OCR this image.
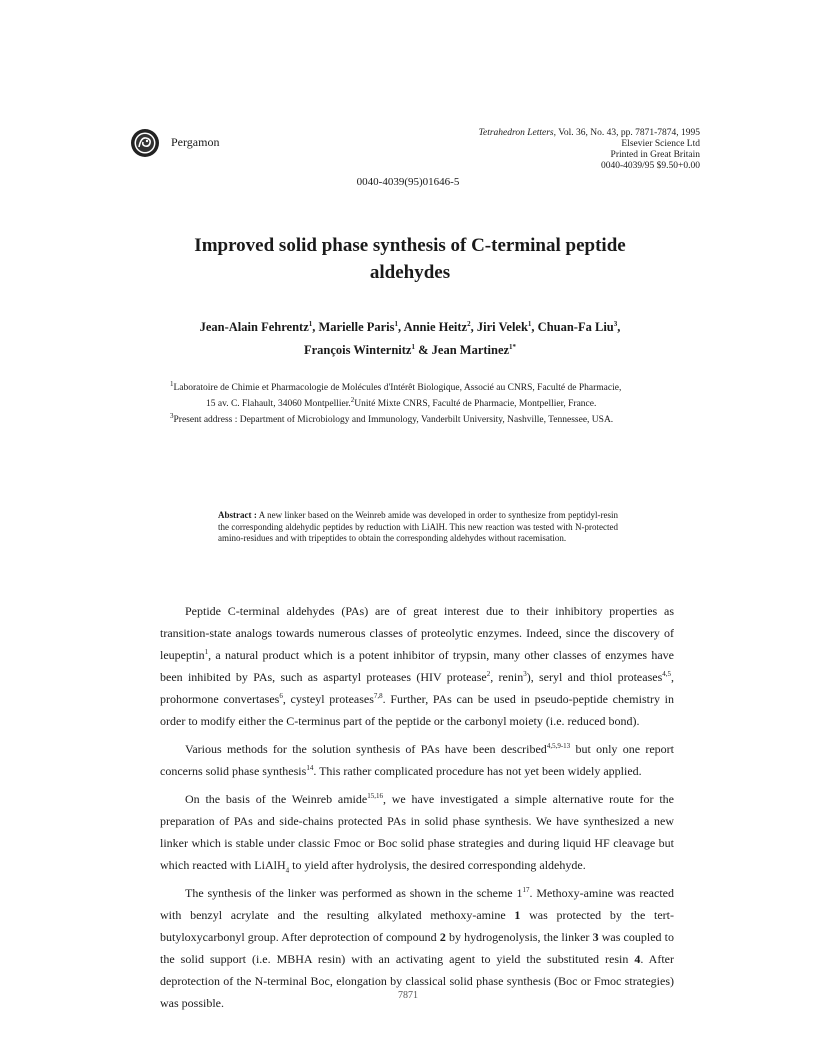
Pergamon
Tetrahedron Letters, Vol. 36, No. 43, pp. 7871-7874, 1995
Elsevier Science Ltd
Printed in Great Britain
0040-4039/95 $9.50+0.00
0040-4039(95)01646-5
Improved solid phase synthesis of C-terminal peptide
aldehydes
Jean-Alain Fehrentz$^1$, Marielle Paris$^1$, Annie Heitz$^2$, Jiri Velek$^1$, Chuan-Fa Liu$^3$,
François Winternitz$^1$ & Jean Martinez$^{1*}$
$^1$Laboratoire de Chimie et Pharmacologie de Molécules d'Intérêt Biologique, Associé au CNRS, Faculté de Pharmacie,
15 av. C. Flahault, 34060 Montpellier.$^2$Unité Mixte CNRS, Faculté de Pharmacie, Montpellier, France.
$^3$Present address : Department of Microbiology and Immunology, Vanderbilt University, Nashville, Tennessee, USA.
Abstract : A new linker based on the Weinreb amide was developed in order to synthesize from peptidyl-resin the corresponding aldehydic peptides by reduction with LiAlH. This new reaction was tested with N-protected amino-residues and with tripeptides to obtain the corresponding aldehydes without racemisation.

Peptide C-terminal aldehydes (PAs) are of great interest due to their inhibitory properties as transition-state analogs towards numerous classes of proteolytic enzymes. Indeed, since the discovery of leupeptin$^1$, a natural product which is a potent inhibitor of trypsin, many other classes of enzymes have been inhibited by PAs, such as aspartyl proteases (HIV protease$^2$, renin$^3$), seryl and thiol proteases$^{4,5}$, prohormone convertases$^6$, cysteyl proteases$^{7,8}$. Further, PAs can be used in pseudo-peptide chemistry in order to modify either the C-terminus part of the peptide or the carbonyl moiety (i.e. reduced bond).

Various methods for the solution synthesis of PAs have been described$^{4,5,9-13}$ but only one report concerns solid phase synthesis$^{14}$. This rather complicated procedure has not yet been widely applied.

On the basis of the Weinreb amide$^{15,16}$, we have investigated a simple alternative route for the preparation of PAs and side-chains protected PAs in solid phase synthesis. We have synthesized a new linker which is stable under classic Fmoc or Boc solid phase strategies and during liquid HF cleavage but which reacted with LiAlH$_4$ to yield after hydrolysis, the desired corresponding aldehyde.

The synthesis of the linker was performed as shown in the scheme $1^{17}$. Methoxy-amine was reacted with benzyl acrylate and the resulting alkylated methoxy-amine 1 was protected by the tert-butyloxycarbonyl group. After deprotection of compound 2 by hydrogenolysis, the linker 3 was coupled to the solid support (i.e. MBHA resin) with an activating agent to yield the substituted resin 4. After deprotection of the N-terminal Boc, elongation by classical solid phase synthesis (Boc or Fmoc strategies) was possible.

7871
